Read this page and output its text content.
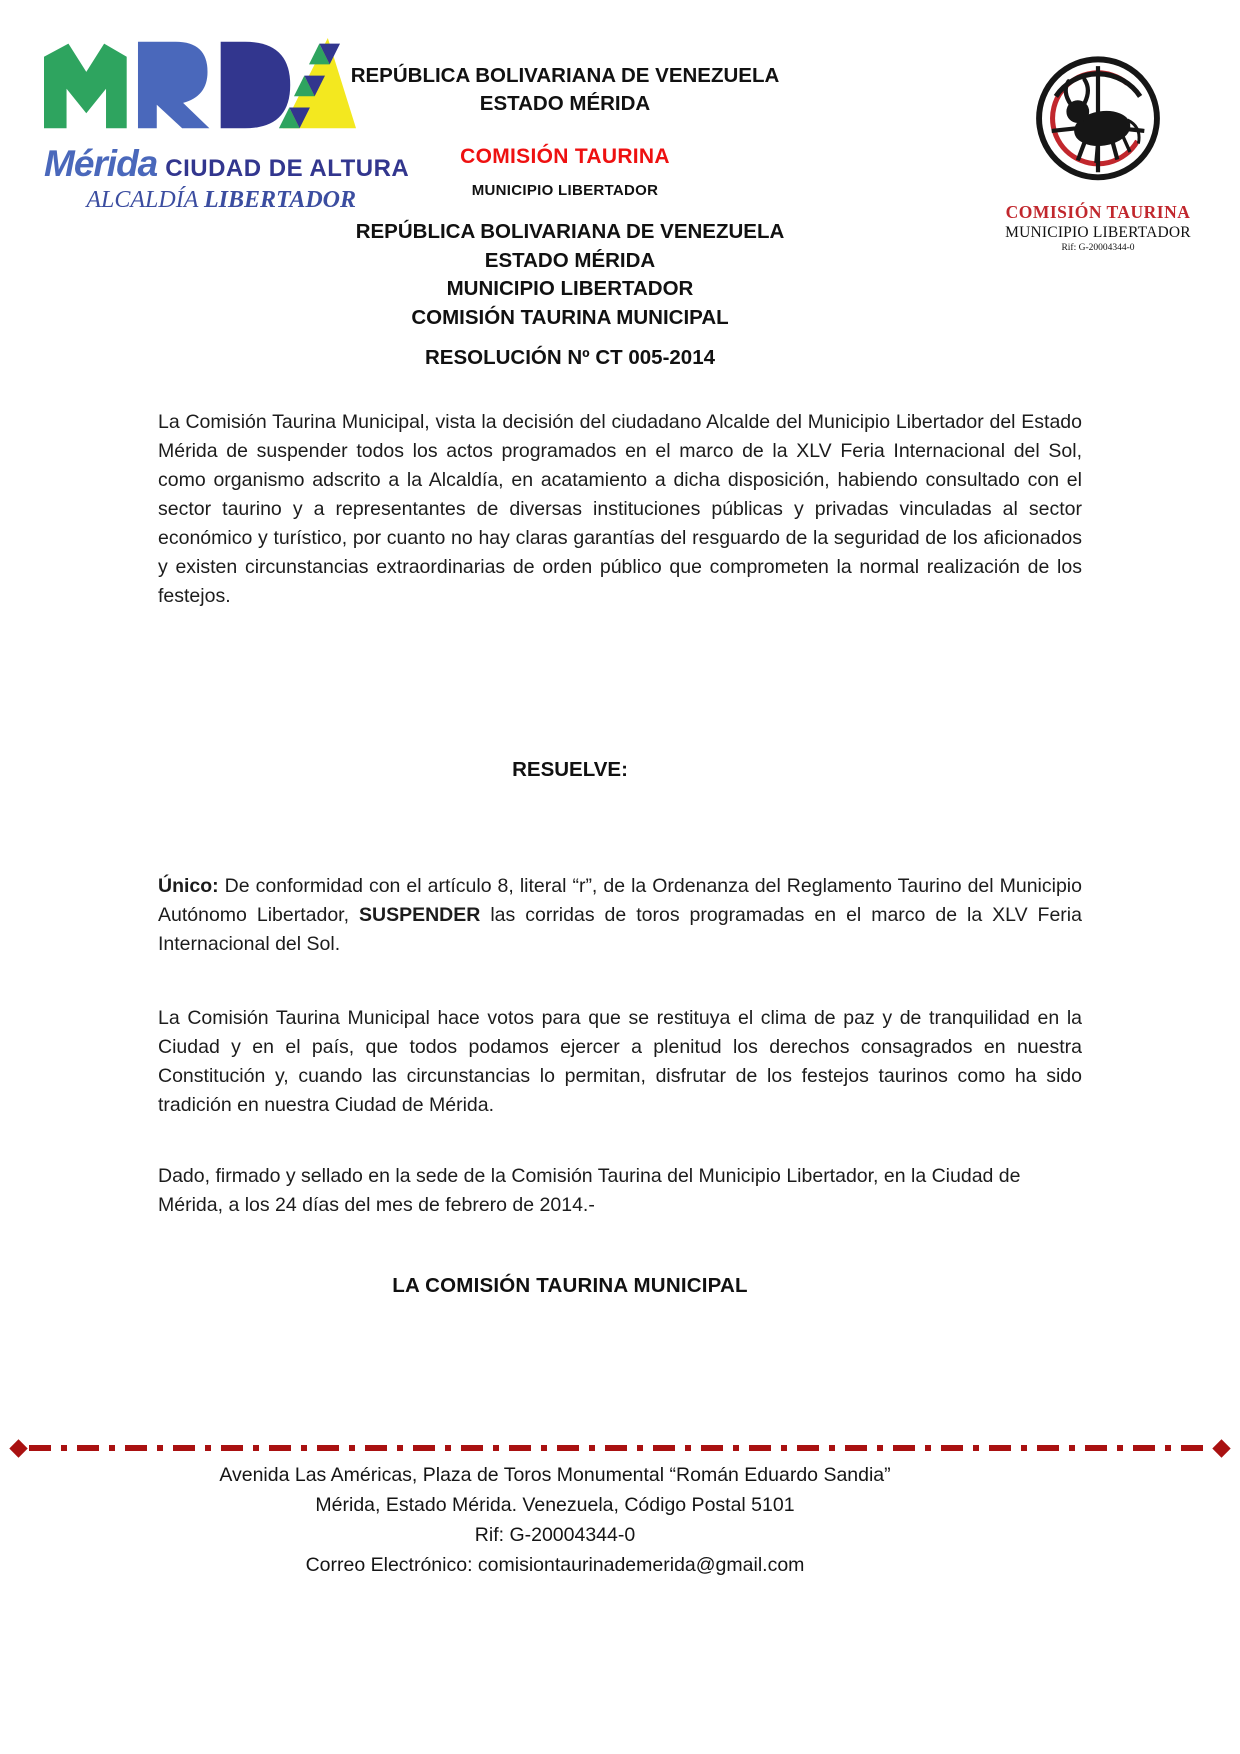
Mérida CIUDAD DE ALTURA
ALCALDÍA LIBERTADOR
REPÚBLICA BOLIVARIANA DE VENEZUELA
ESTADO MÉRIDA
COMISIÓN TAURINA
MUNICIPIO LIBERTADOR
COMISIÓN TAURINA
MUNICIPIO LIBERTADOR
Rif: G-20004344-0
REPÚBLICA BOLIVARIANA DE VENEZUELA
ESTADO MÉRIDA
MUNICIPIO LIBERTADOR
COMISIÓN TAURINA MUNICIPAL
RESOLUCIÓN Nº CT 005-2014

La Comisión Taurina Municipal, vista la decisión del ciudadano Alcalde del Municipio Libertador del Estado Mérida de suspender todos los actos programados en el marco de la XLV Feria Internacional del Sol, como organismo adscrito a la Alcaldía, en acatamiento a dicha disposición, habiendo consultado con el sector taurino y a representantes de diversas instituciones públicas y privadas vinculadas al sector económico y turístico, por cuanto no hay claras garantías del resguardo de la seguridad de los aficionados y existen circunstancias extraordinarias de orden público que comprometen la normal realización de los festejos.

RESUELVE:

Único: De conformidad con el artículo 8, literal “r”, de la Ordenanza del Reglamento Taurino del Municipio Autónomo Libertador, SUSPENDER las corridas de toros programadas en el marco de la XLV Feria Internacional del Sol.

La Comisión Taurina Municipal hace votos para que se restituya el clima de paz y de tranquilidad en la Ciudad y en el país, que todos podamos ejercer a plenitud los derechos consagrados en nuestra Constitución y, cuando las circunstancias lo permitan, disfrutar de los festejos taurinos como ha sido tradición en nuestra Ciudad de Mérida.

Dado, firmado y sellado en la sede de la Comisión Taurina del Municipio Libertador, en la Ciudad de Mérida, a los 24 días del mes de febrero de 2014.-

LA COMISIÓN TAURINA MUNICIPAL
Avenida Las Américas, Plaza de Toros Monumental “Román Eduardo Sandia”
Mérida, Estado Mérida. Venezuela, Código Postal 5101
Rif: G-20004344-0
Correo Electrónico: comisiontaurinademerida@gmail.com
